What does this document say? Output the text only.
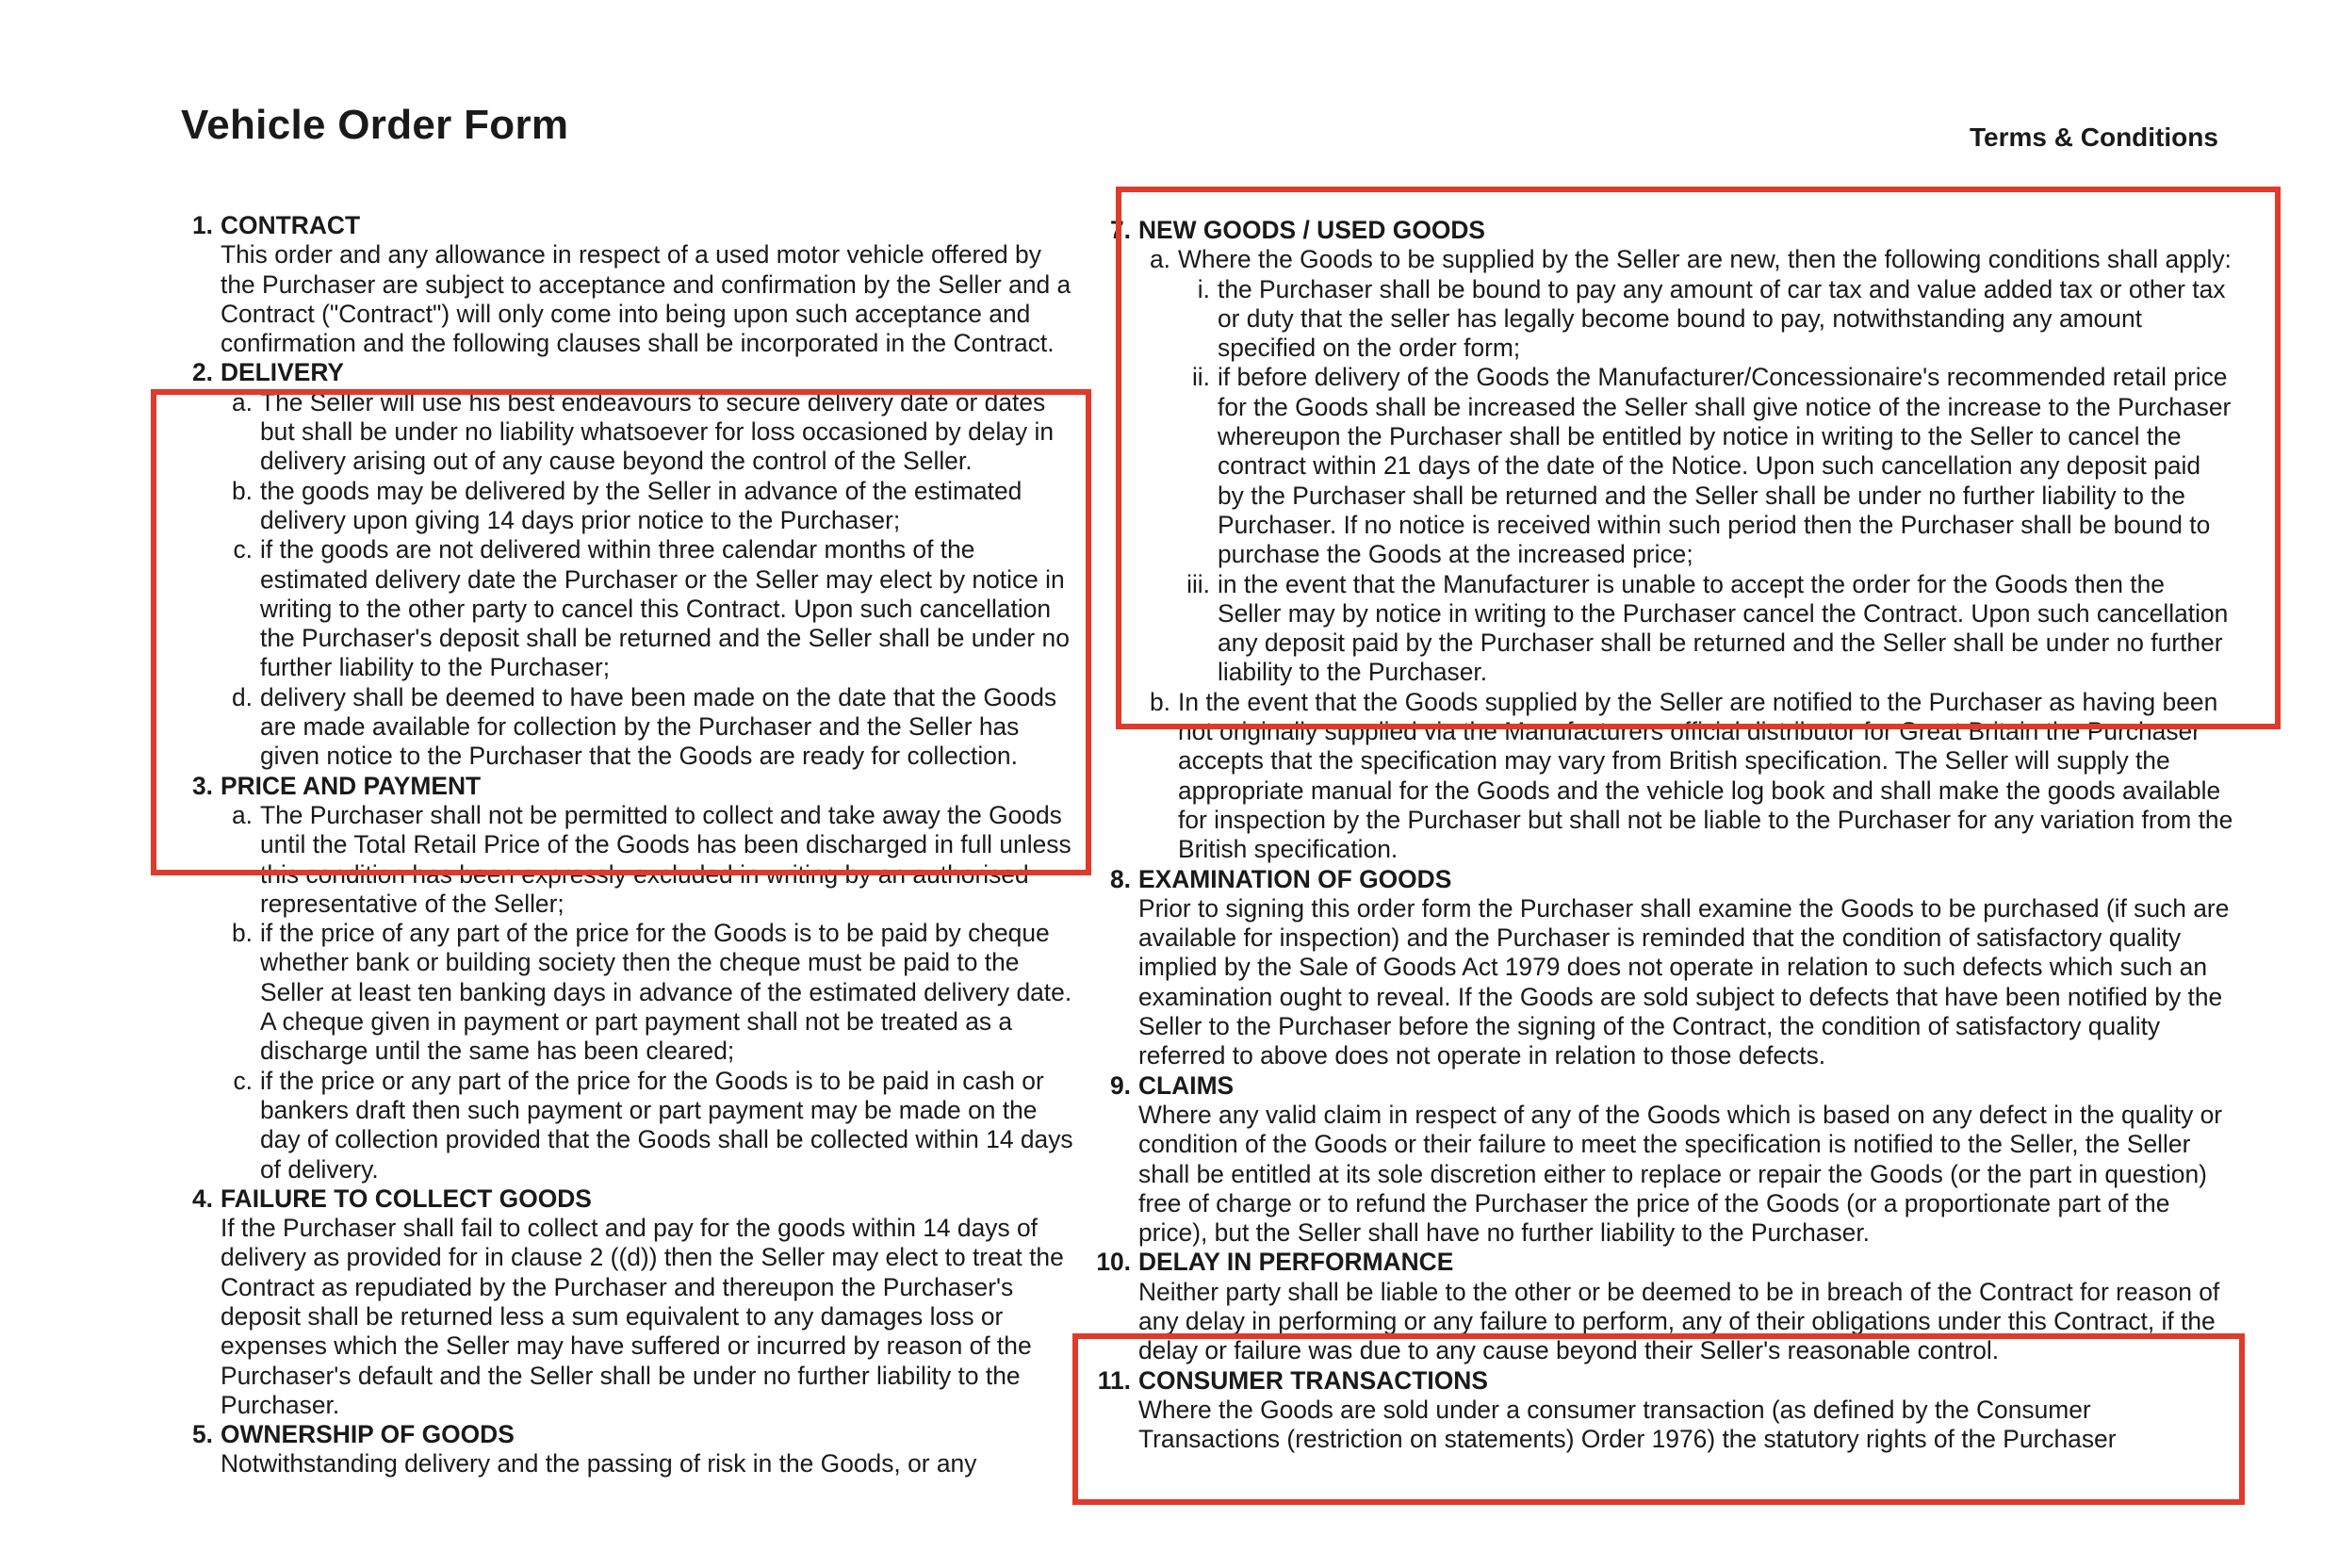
Vehicle Order Form	Terms & Conditions
1. CONTRACT
This order and any allowance in respect of a used motor vehicle offered by the Purchaser are subject to acceptance and confirmation by the Seller and a Contract ("Contract") will only come into being upon such acceptance and confirmation and the following clauses shall be incorporated in the Contract.
2. DELIVERY
a. The Seller will use his best endeavours to secure delivery date or dates but shall be under no liability whatsoever for loss occasioned by delay in delivery arising out of any cause beyond the control of the Seller.
b. the goods may be delivered by the Seller in advance of the estimated delivery upon giving 14 days prior notice to the Purchaser;
c. if the goods are not delivered within three calendar months of the estimated delivery date the Purchaser or the Seller may elect by notice in writing to the other party to cancel this Contract. Upon such cancellation the Purchaser's deposit shall be returned and the Seller shall be under no further liability to the Purchaser;
d. delivery shall be deemed to have been made on the date that the Goods are made available for collection by the Purchaser and the Seller has given notice to the Purchaser that the Goods are ready for collection.
3. PRICE AND PAYMENT
a. The Purchaser shall not be permitted to collect and take away the Goods until the Total Retail Price of the Goods has been discharged in full unless this condition has been expressly excluded in writing by an authorised representative of the Seller;
b. if the price of any part of the price for the Goods is to be paid by cheque whether bank or building society then the cheque must be paid to the Seller at least ten banking days in advance of the estimated delivery date. A cheque given in payment or part payment shall not be treated as a discharge until the same has been cleared;
c. if the price or any part of the price for the Goods is to be paid in cash or bankers draft then such payment or part payment may be made on the day of collection provided that the Goods shall be collected within 14 days of delivery.
4. FAILURE TO COLLECT GOODS
If the Purchaser shall fail to collect and pay for the goods within 14 days of delivery as provided for in clause 2 ((d)) then the Seller may elect to treat the Contract as repudiated by the Purchaser and thereupon the Purchaser's deposit shall be returned less a sum equivalent to any damages loss or expenses which the Seller may have suffered or incurred by reason of the Purchaser's default and the Seller shall be under no further liability to the Purchaser.
5. OWNERSHIP OF GOODS
Notwithstanding delivery and the passing of risk in the Goods, or any
7. NEW GOODS / USED GOODS
a. Where the Goods to be supplied by the Seller are new, then the following conditions shall apply:
i. the Purchaser shall be bound to pay any amount of car tax and value added tax or other tax or duty that the seller has legally become bound to pay, notwithstanding any amount specified on the order form;
ii. if before delivery of the Goods the Manufacturer/Concessionaire's recommended retail price for the Goods shall be increased the Seller shall give notice of the increase to the Purchaser whereupon the Purchaser shall be entitled by notice in writing to the Seller to cancel the contract within 21 days of the date of the Notice. Upon such cancellation any deposit paid by the Purchaser shall be returned and the Seller shall be under no further liability to the Purchaser. If no notice is received within such period then the Purchaser shall be bound to purchase the Goods at the increased price;
iii. in the event that the Manufacturer is unable to accept the order for the Goods then the Seller may by notice in writing to the Purchaser cancel the Contract. Upon such cancellation any deposit paid by the Purchaser shall be returned and the Seller shall be under no further liability to the Purchaser.
b. In the event that the Goods supplied by the Seller are notified to the Purchaser as having been not originally supplied via the Manufacturers official distributor for Great Britain the Purchaser accepts that the specification may vary from British specification. The Seller will supply the appropriate manual for the Goods and the vehicle log book and shall make the goods available for inspection by the Purchaser but shall not be liable to the Purchaser for any variation from the British specification.
8. EXAMINATION OF GOODS
Prior to signing this order form the Purchaser shall examine the Goods to be purchased (if such are available for inspection) and the Purchaser is reminded that the condition of satisfactory quality implied by the Sale of Goods Act 1979 does not operate in relation to such defects which such an examination ought to reveal. If the Goods are sold subject to defects that have been notified by the Seller to the Purchaser before the signing of the Contract, the condition of satisfactory quality referred to above does not operate in relation to those defects.
9. CLAIMS
Where any valid claim in respect of any of the Goods which is based on any defect in the quality or condition of the Goods or their failure to meet the specification is notified to the Seller, the Seller shall be entitled at its sole discretion either to replace or repair the Goods (or the part in question) free of charge or to refund the Purchaser the price of the Goods (or a proportionate part of the price), but the Seller shall have no further liability to the Purchaser.
10. DELAY IN PERFORMANCE
Neither party shall be liable to the other or be deemed to be in breach of the Contract for reason of any delay in performing or any failure to perform, any of their obligations under this Contract, if the delay or failure was due to any cause beyond their Seller's reasonable control.
11. CONSUMER TRANSACTIONS
Where the Goods are sold under a consumer transaction (as defined by the Consumer Transactions (restriction on statements) Order 1976) the statutory rights of the Purchaser
